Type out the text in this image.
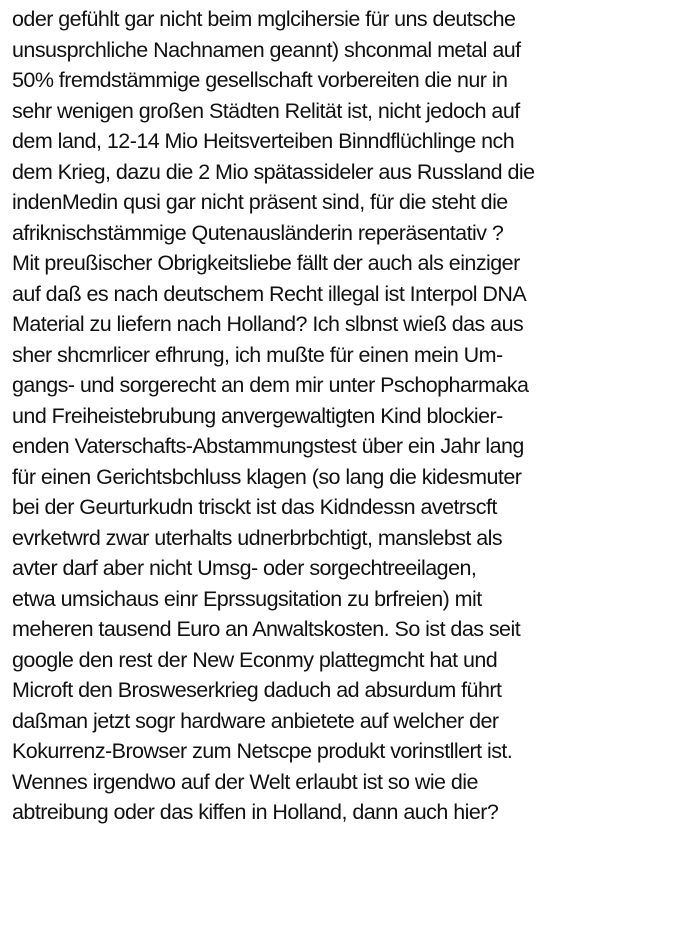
oder gefühlt gar nicht beim mglcihersie für uns deutsche
unsusprchliche Nachnamen geannt) shconmal metal auf
50% fremdstämmige gesellschaft vorbereiten die nur in
sehr wenigen großen Städten Relität ist, nicht jedoch auf
dem land, 12-14 Mio Heitsverteiben Binndflüchlinge nch
dem Krieg, dazu die 2 Mio spätassideler aus Russland die
indenMedin qusi gar nicht präsent sind, für die steht die
afriknischstämmige Qutenausländerin reperäsentativ ?
Mit preußischer Obrigkeitsliebe fällt der auch als einziger
auf daß es nach deutschem Recht illegal ist Interpol DNA
Material zu liefern nach Holland? Ich slbnst wieß das aus
sher shcmrlicer efhrung, ich mußte für einen mein Um-
gangs- und sorgerecht an dem mir unter Pschopharmaka
und Freiheistebrubung anvergewaltigten Kind blockier-
enden Vaterschafts-Abstammungstest über ein Jahr lang
für einen Gerichtsbchluss klagen (so lang die kidesmuter
bei der Geurturkudn trisckt ist das Kidndessn avetrscft
evrketwrd zwar uterhalts udnerbrbchtigt, manslebst als
avter darf aber nicht Umsg- oder sorgechtreeilagen,
etwa umsichaus einr Eprssugsitation zu brfreien) mit
meheren tausend Euro an Anwaltskosten. So ist das seit
google den rest der New Econmy plattegmcht hat und
Microft den Brosweserkrieg daduch ad absurdum führt
daßman jetzt sogr hardware anbietete auf welcher der
Kokurrenz-Browser zum Netscpe produkt vorinstllert ist.
Wennes irgendwo auf der Welt erlaubt ist so wie die
abtreibung oder das kiffen in Holland, dann auch hier?
